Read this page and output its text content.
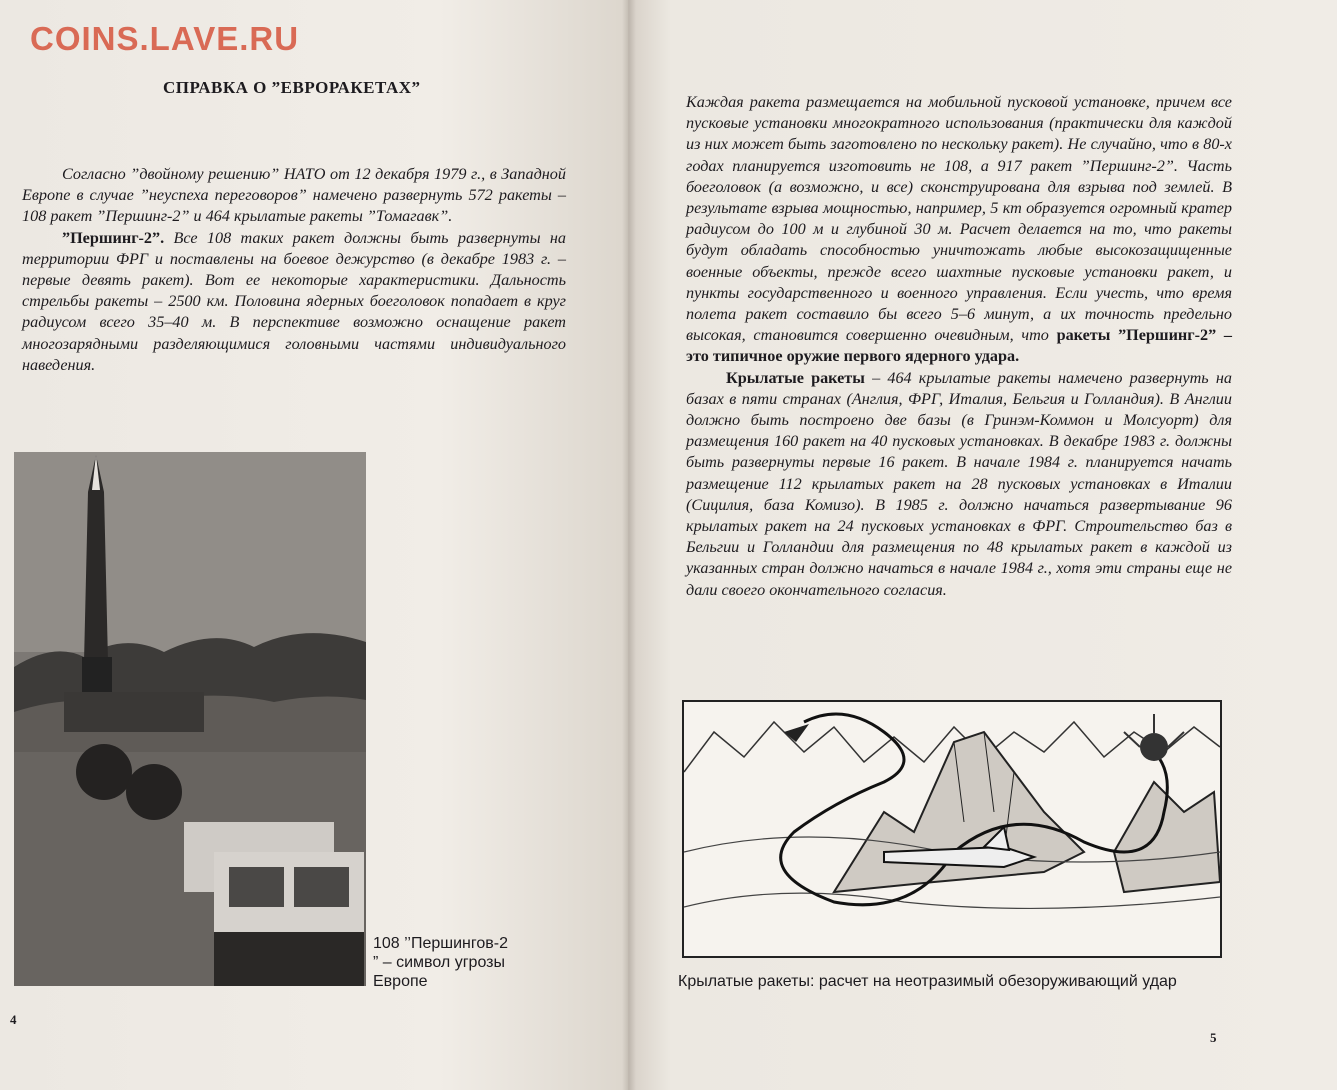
COINS.LAVE.RU
СПРАВКА О ”ЕВРОРАКЕТАХ”

Согласно ”двойному решению” НАТО от 12 декабря 1979 г., в Западной Европе в случае ”неуспеха переговоров” намечено развернуть 572 ракеты – 108 ракет ”Першинг-2” и 464 крылатые ракеты ”Томагавк”.

”Першинг-2”. Все 108 таких ракет должны быть развернуты на территории ФРГ и поставлены на боевое дежурство (в декабре 1983 г. – первые девять ракет). Вот ее некоторые характеристики. Дальность стрельбы ракеты – 2500 км. Половина ядерных боеголовок попадает в круг радиусом всего 35–40 м. В перспективе возможно оснащение ракет многозарядными разделяющимися головными частями индивидуального наведения.

108 ’’Першингов-2 ” – символ угрозы Европе
4

Каждая ракета размещается на мобильной пусковой установке, причем все пусковые установки многократного использования (практически для каждой из них может быть заготовлено по нескольку ракет). Не случайно, что в 80-х годах планируется изготовить не 108, а 917 ракет ”Першинг-2”. Часть боеголовок (а возможно, и все) сконструирована для взрыва под землей. В результате взрыва мощностью, например, 5 кт образуется огромный кратер радиусом до 100 м и глубиной 30 м. Расчет делается на то, что ракеты будут обладать способностью уничтожать любые высокозащищенные военные объекты, прежде всего шахтные пусковые установки ракет, и пункты государственного и военного управления. Если учесть, что время полета ракет составило бы всего 5–6 минут, а их точность предельно высокая, становится совершенно очевидным, что ракеты ”Першинг-2” – это типичное оружие первого ядерного удара.

Крылатые ракеты – 464 крылатые ракеты намечено развернуть на базах в пяти странах (Англия, ФРГ, Италия, Бельгия и Голландия). В Англии должно быть построено две базы (в Гринэм-Коммон и Молсуорт) для размещения 160 ракет на 40 пусковых установках. В декабре 1983 г. должны быть развернуты первые 16 ракет. В начале 1984 г. планируется начать размещение 112 крылатых ракет на 28 пусковых установках в Италии (Сицилия, база Комизо). В 1985 г. должно начаться развертывание 96 крылатых ракет на 24 пусковых установках в ФРГ. Строительство баз в Бельгии и Голландии для размещения по 48 крылатых ракет в каждой из указанных стран должно начаться в начале 1984 г., хотя эти страны еще не дали своего окончательного согласия.

Крылатые ракеты: расчет на неотразимый обезоруживающий удар
5
